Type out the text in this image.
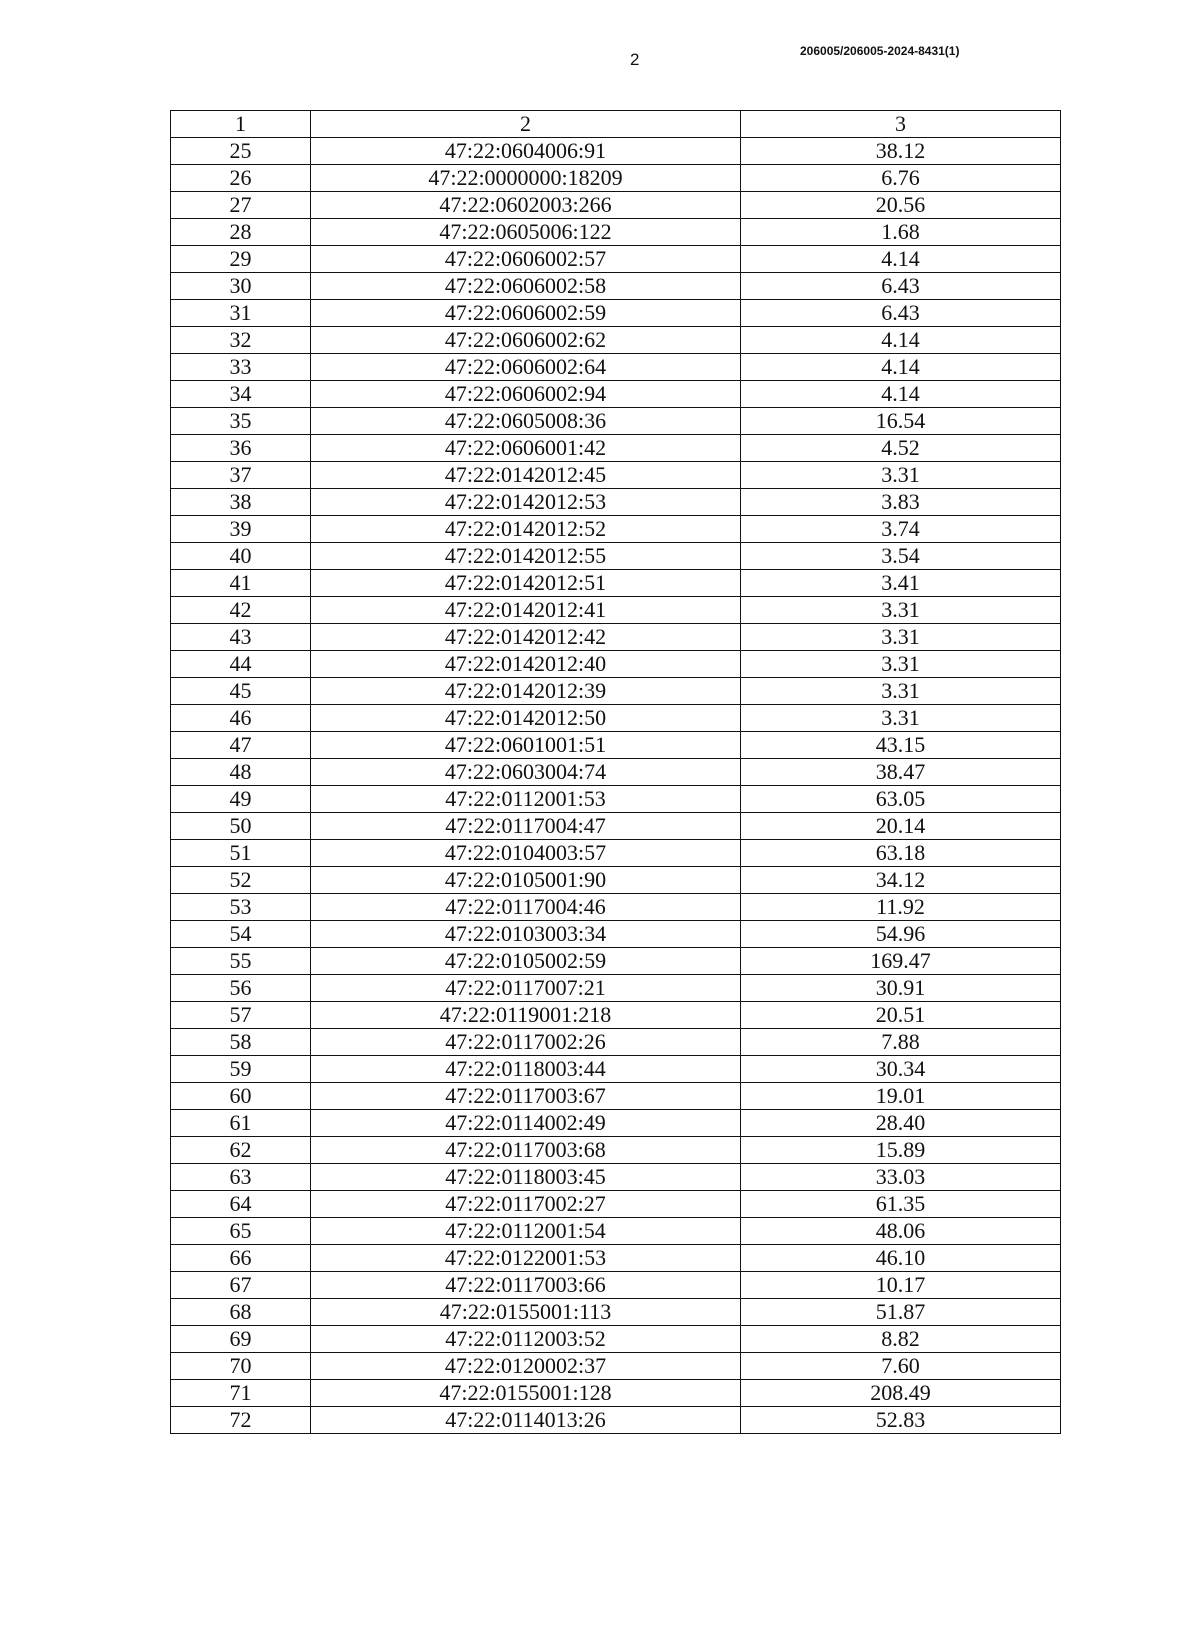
2	206005/206005-2024-8431(1)
1	2	3
25	47:22:0604006:91	38.12
26	47:22:0000000:18209	6.76
27	47:22:0602003:266	20.56
28	47:22:0605006:122	1.68
29	47:22:0606002:57	4.14
30	47:22:0606002:58	6.43
31	47:22:0606002:59	6.43
32	47:22:0606002:62	4.14
33	47:22:0606002:64	4.14
34	47:22:0606002:94	4.14
35	47:22:0605008:36	16.54
36	47:22:0606001:42	4.52
37	47:22:0142012:45	3.31
38	47:22:0142012:53	3.83
39	47:22:0142012:52	3.74
40	47:22:0142012:55	3.54
41	47:22:0142012:51	3.41
42	47:22:0142012:41	3.31
43	47:22:0142012:42	3.31
44	47:22:0142012:40	3.31
45	47:22:0142012:39	3.31
46	47:22:0142012:50	3.31
47	47:22:0601001:51	43.15
48	47:22:0603004:74	38.47
49	47:22:0112001:53	63.05
50	47:22:0117004:47	20.14
51	47:22:0104003:57	63.18
52	47:22:0105001:90	34.12
53	47:22:0117004:46	11.92
54	47:22:0103003:34	54.96
55	47:22:0105002:59	169.47
56	47:22:0117007:21	30.91
57	47:22:0119001:218	20.51
58	47:22:0117002:26	7.88
59	47:22:0118003:44	30.34
60	47:22:0117003:67	19.01
61	47:22:0114002:49	28.40
62	47:22:0117003:68	15.89
63	47:22:0118003:45	33.03
64	47:22:0117002:27	61.35
65	47:22:0112001:54	48.06
66	47:22:0122001:53	46.10
67	47:22:0117003:66	10.17
68	47:22:0155001:113	51.87
69	47:22:0112003:52	8.82
70	47:22:0120002:37	7.60
71	47:22:0155001:128	208.49
72	47:22:0114013:26	52.83
